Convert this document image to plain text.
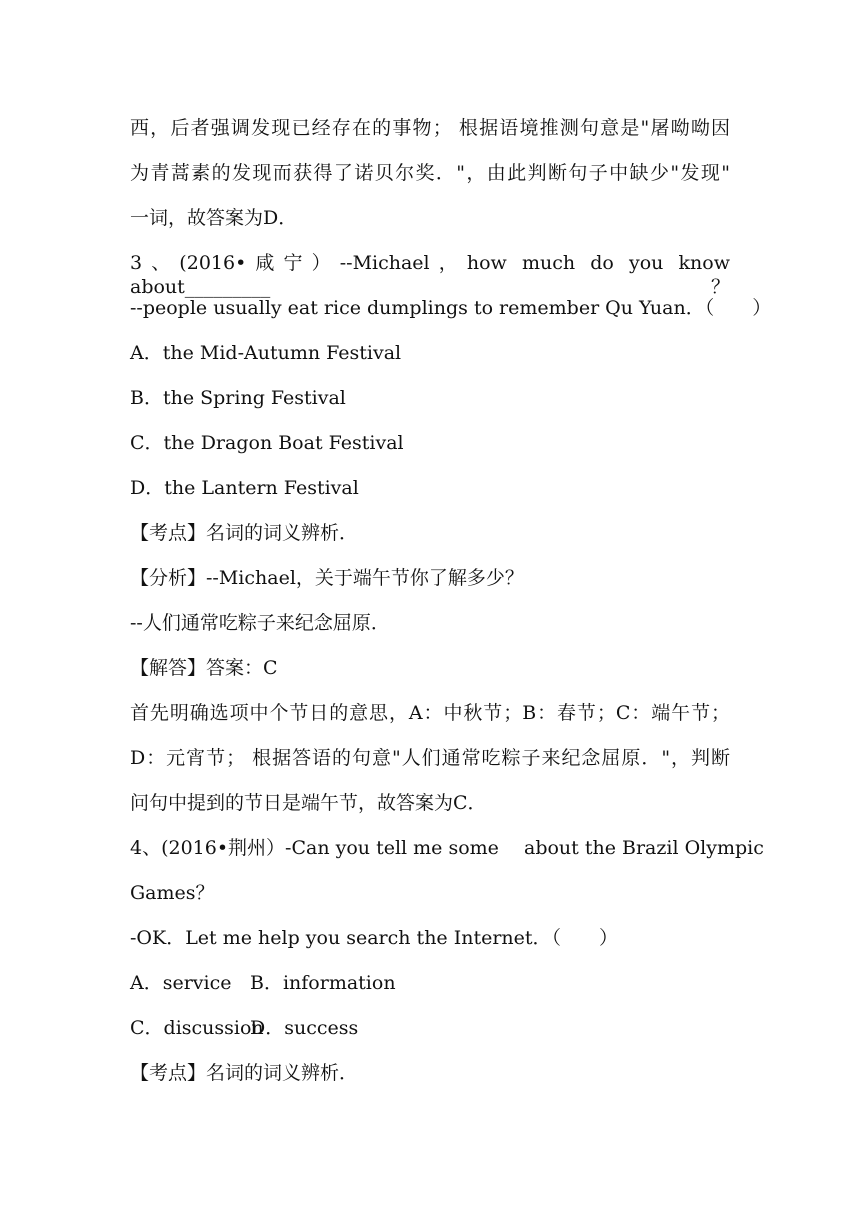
西，后者强调发现已经存在的事物； 根据语境推测句意是"屠呦呦因
为青蒿素的发现而获得了诺贝尔奖．"，由此判断句子中缺少"发现"
一词，故答案为D．
3、(2016•咸宁）--Michael，how much do you know about_________？
--people usually eat rice dumplings to remember Qu Yuan．（　　）
A．the Mid-Autumn Festival
B．the Spring Festival
C．the Dragon Boat Festival
D．the Lantern Festival
【考点】名词的词义辨析．
【分析】--Michael，关于端午节你了解多少？
--人们通常吃粽子来纪念屈原．
【解答】答案：C
首先明确选项中个节日的意思，A：中秋节；B：春节；C：端午节；
D：元宵节； 根据答语的句意"人们通常吃粽子来纪念屈原．"，判断
问句中提到的节日是端午节，故答案为C．
4、(2016•荆州）-Can you tell me some about the Brazil Olympic
Games？
-OK．Let me help you search the Internet．（　　）
A．service B．information
C．discussion
D．success
【考点】名词的词义辨析．
